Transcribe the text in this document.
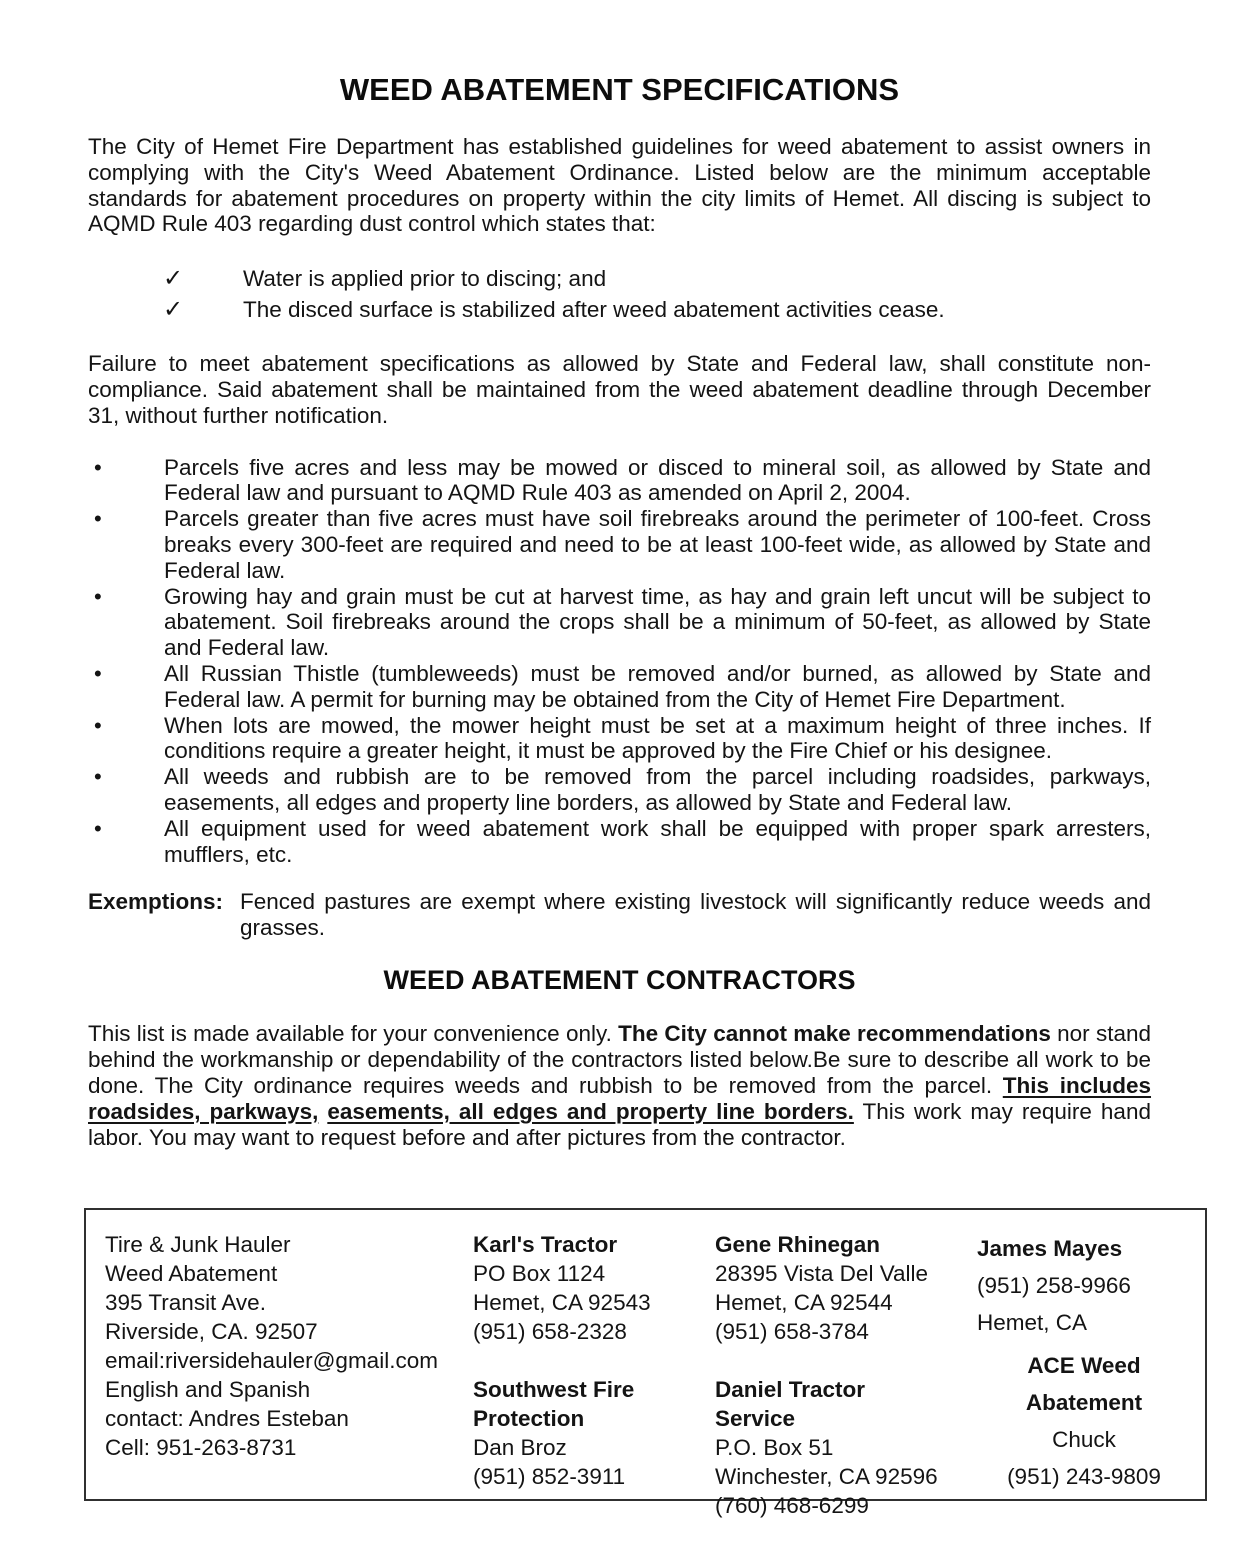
WEED ABATEMENT SPECIFICATIONS

The City of Hemet Fire Department has established guidelines for weed abatement to assist owners in complying with the City's Weed Abatement Ordinance. Listed below are the minimum acceptable standards for abatement procedures on property within the city limits of Hemet. All discing is subject to AQMD Rule 403 regarding dust control which states that:

✓	Water is applied prior to discing; and
✓	The disced surface is stabilized after weed abatement activities cease.

Failure to meet abatement specifications as allowed by State and Federal law, shall constitute non-compliance. Said abatement shall be maintained from the weed abatement deadline through December 31, without further notification.

•	Parcels five acres and less may be mowed or disced to mineral soil, as allowed by State and Federal law and pursuant to AQMD Rule 403 as amended on April 2, 2004.
•	Parcels greater than five acres must have soil firebreaks around the perimeter of 100-feet. Cross breaks every 300-feet are required and need to be at least 100-feet wide, as allowed by State and Federal law.
•	Growing hay and grain must be cut at harvest time, as hay and grain left uncut will be subject to abatement. Soil firebreaks around the crops shall be a minimum of 50-feet, as allowed by State and Federal law.
•	All Russian Thistle (tumbleweeds) must be removed and/or burned, as allowed by State and Federal law. A permit for burning may be obtained from the City of Hemet Fire Department.
•	When lots are mowed, the mower height must be set at a maximum height of three inches. If conditions require a greater height, it must be approved by the Fire Chief or his designee.
•	All weeds and rubbish are to be removed from the parcel including roadsides, parkways, easements, all edges and property line borders, as allowed by State and Federal law.
•	All equipment used for weed abatement work shall be equipped with proper spark arresters, mufflers, etc.
Exemptions: Fenced pastures are exempt where existing livestock will significantly reduce weeds and grasses.
WEED ABATEMENT CONTRACTORS

This list is made available for your convenience only. The City cannot make recommendations nor stand behind the workmanship or dependability of the contractors listed below.Be sure to describe all work to be done. The City ordinance requires weeds and rubbish to be removed from the parcel. This includes roadsides, parkways, easements, all edges and property line borders. This work may require hand labor. You may want to request before and after pictures from the contractor.

Tire & Junk Hauler
Weed Abatement
395 Transit Ave.
Riverside, CA. 92507
email:riversidehauler@gmail.com
English and Spanish
contact: Andres Esteban
Cell: 951-263-8731
Karl's Tractor
PO Box 1124
Hemet, CA 92543
(951) 658-2328
Southwest Fire
Protection
Dan Broz
(951) 852-3911
Gene Rhinegan
28395 Vista Del Valle
Hemet, CA 92544
(951) 658-3784
Daniel Tractor
Service
P.O. Box 51
Winchester, CA 92596
(760) 468-6299
James Mayes
(951) 258-9966
Hemet, CA
ACE Weed
Abatement
Chuck
(951) 243-9809
